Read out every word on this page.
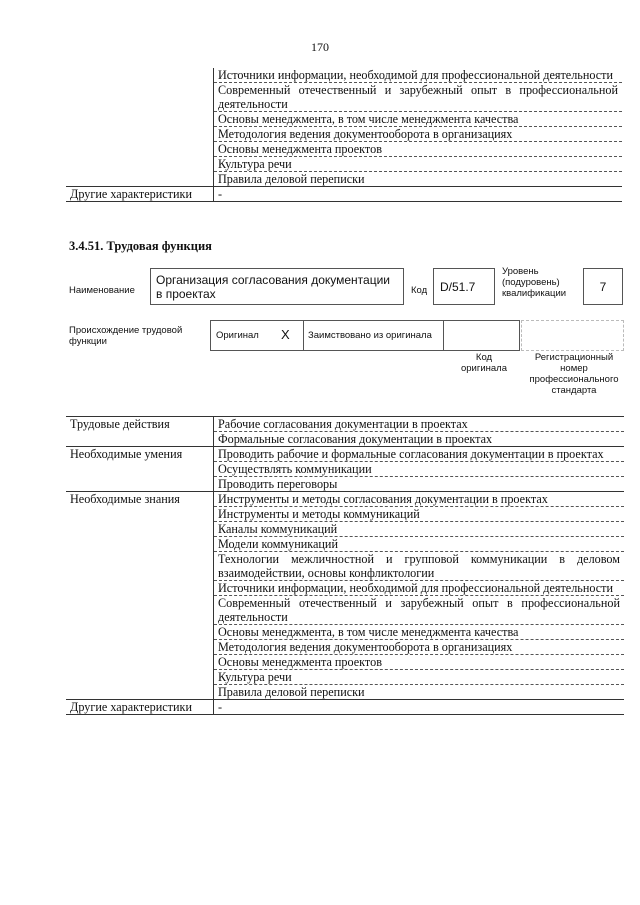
170
	Источники информации, необходимой для профессиональной деятельности
	Современный отечественный и зарубежный опыт в профессиональной деятельности
	Основы менеджмента, в том числе менеджмента качества
	Методология ведения документооборота в организациях
	Основы менеджмента проектов
	Культура речи
	Правила деловой переписки
Другие характеристики	-
3.4.51. Трудовая функция
Наименование
Организация согласования документации в проектах	Код	D/51.7
Уровень (подуровень) квалификации	7
Происхождение трудовой функции
Оригинал X Заимствовано из оригинала
Код оригинала
Регистрационный номер профессионального стандарта
Трудовые действия	Рабочие согласования документации в проектах
	Формальные согласования документации в проектах
Необходимые умения	Проводить рабочие и формальные согласования документации в проектах
	Осуществлять коммуникации
	Проводить переговоры
Необходимые знания	Инструменты и методы согласования документации в проектах
	Инструменты и методы коммуникаций
	Каналы коммуникаций
	Модели коммуникаций
	Технологии межличностной и групповой коммуникации в деловом взаимодействии, основы конфликтологии
	Источники информации, необходимой для профессиональной деятельности
	Современный отечественный и зарубежный опыт в профессиональной деятельности
	Основы менеджмента, в том числе менеджмента качества
	Методология ведения документооборота в организациях
	Основы менеджмента проектов
	Культура речи
	Правила деловой переписки
Другие характеристики	-
